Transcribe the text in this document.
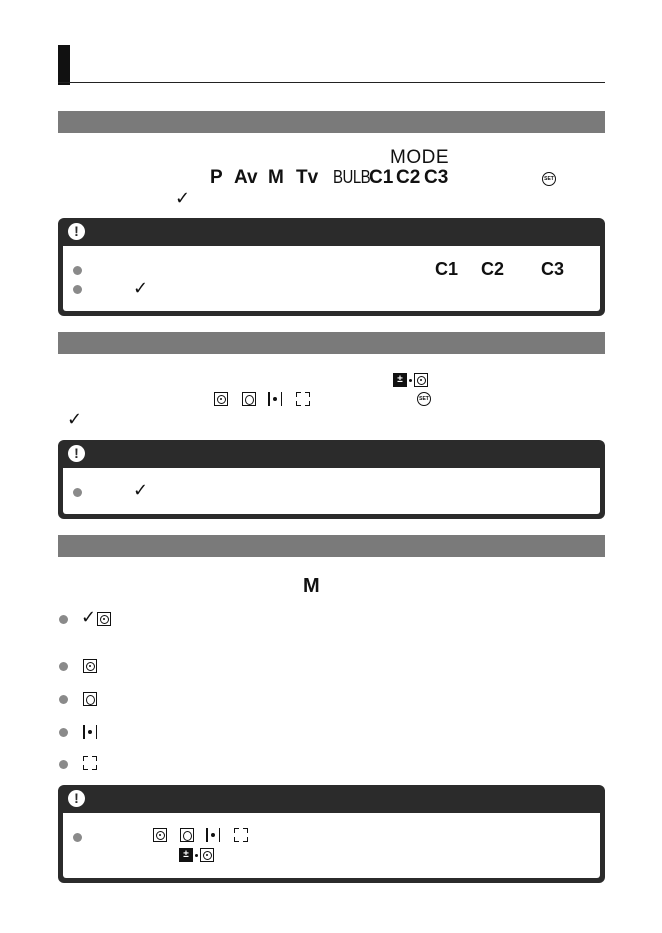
MODE
P Av M Tv BULB
C1 C2 C3	SET
✓
!
C1 C2 C3
✓
±
SET
✓
!
✓
M
✓
!
±
